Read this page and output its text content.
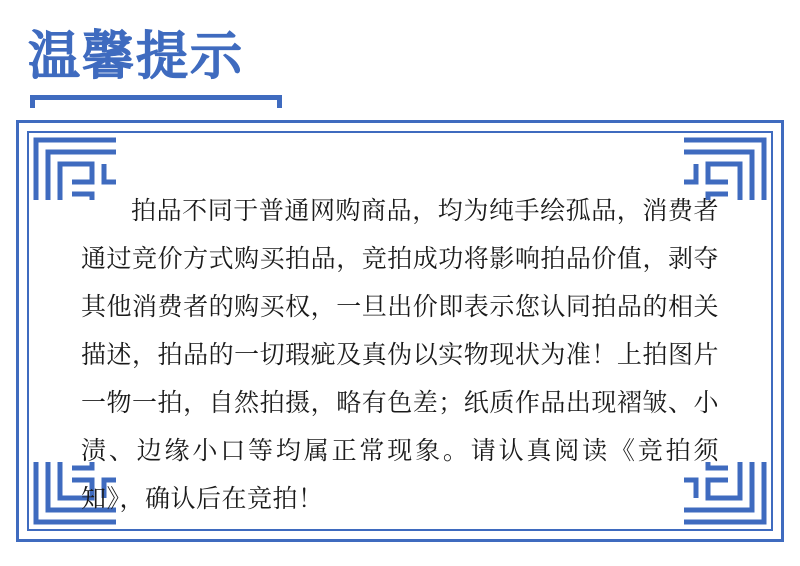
温馨提示

拍品不同于普通网购商品，均为纯手绘孤品，消费者通过竞价方式购买拍品，竞拍成功将影响拍品价值，剥夺其他消费者的购买权，一旦出价即表示您认同拍品的相关描述，拍品的一切瑕疵及真伪以实物现状为准！上拍图片一物一拍，自然拍摄，略有色差；纸质作品出现褶皱、小渍、边缘小口等均属正常现象。请认真阅读《竞拍须知》，确认后在竞拍！
